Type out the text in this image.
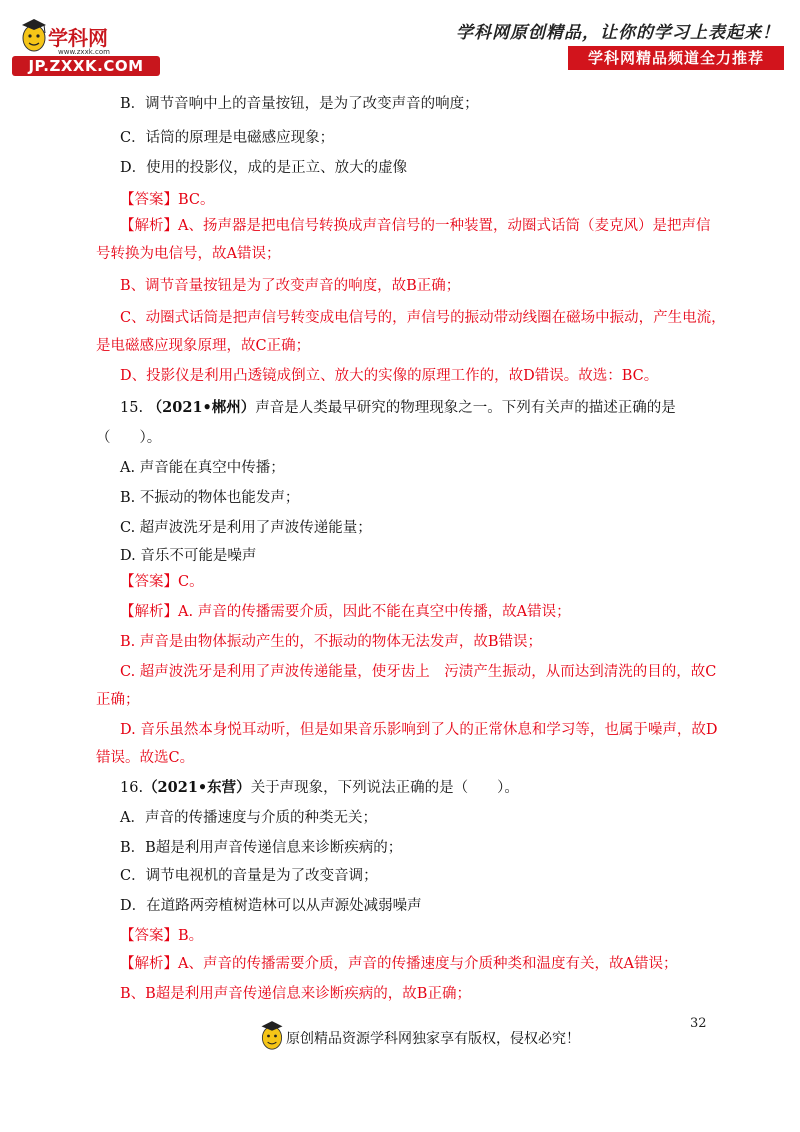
学科网
www.zxxk.com
JP.ZXXK.COM
学科网原创精品，让你的学习上表起来！
学科网精品频道全力推荐
B．调节音响中上的音量按钮，是为了改变声音的响度；
C．话筒的原理是电磁感应现象；
D．使用的投影仪，成的是正立、放大的虚像
【答案】BC。
【解析】A、扬声器是把电信号转换成声音信号的一种装置，动圈式话筒（麦克风）是把声信
号转换为电信号，故A错误；
B、调节音量按钮是为了改变声音的响度，故B正确；
C、动圈式话筒是把声信号转变成电信号的，声信号的振动带动线圈在磁场中振动，产生电流，
是电磁感应现象原理，故C正确；
D、投影仪是利用凸透镜成倒立、放大的实像的原理工作的，故D错误。故选：BC。
15. （2021•郴州）声音是人类最早研究的物理现象之一。下列有关声的描述正确的是
（　　）。
A. 声音能在真空中传播；
B. 不振动的物体也能发声；
C. 超声波洗牙是利用了声波传递能量；
D. 音乐不可能是噪声
【答案】C。
【解析】A. 声音的传播需要介质，因此不能在真空中传播，故A错误；
B. 声音是由物体振动产生的，不振动的物体无法发声，故B错误；
C. 超声波洗牙是利用了声波传递能量，使牙齿上　污渍产生振动，从而达到清洗的目的，故C
正确；
D. 音乐虽然本身悦耳动听，但是如果音乐影响到了人的正常休息和学习等，也属于噪声，故D
错误。故选C。
16.（2021•东营）关于声现象，下列说法正确的是（　　）。
A．声音的传播速度与介质的种类无关；
B．B超是利用声音传递信息来诊断疾病的；
C．调节电视机的音量是为了改变音调；
D．在道路两旁植树造林可以从声源处减弱噪声
【答案】B。
【解析】A、声音的传播需要介质，声音的传播速度与介质种类和温度有关，故A错误；
B、B超是利用声音传递信息来诊断疾病的，故B正确；
32
原创精品资源学科网独家享有版权，侵权必究！
